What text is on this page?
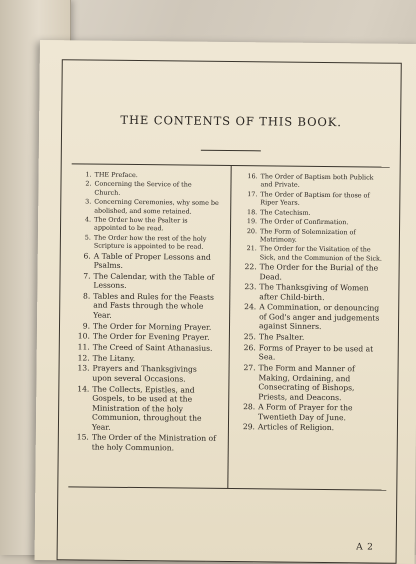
THE CONTENTS OF THIS BOOK.
1. THE Preface.
2. Concerning the Service of the Church.
3. Concerning Ceremonies, why some be abolished, and some retained.
4. The Order how the Psalter is appointed to be read.
5. The Order how the rest of the holy Scripture is appointed to be read.
6. A Table of Proper Lessons and Psalms.
7. The Calendar, with the Table of Lessons.
8. Tables and Rules for the Feasts and Fasts through the whole Year.
9. The Order for Morning Prayer.
10. The Order for Evening Prayer.
11. The Creed of Saint Athanasius.
12. The Litany.
13. Prayers and Thanksgivings upon several Occasions.
14. The Collects, Epistles, and Gospels, to be used at the Ministration of the holy Communion, throughout the Year.
15. The Order of the Ministration of the holy Communion.
16. The Order of Baptism both Publick and Private.
17. The Order of Baptism for those of Riper Years.
18. The Catechism.
19. The Order of Confirmation.
20. The Form of Solemnization of Matrimony.
21. The Order for the Visitation of the Sick, and the Communion of the Sick.
22. The Order for the Burial of the Dead.
23. The Thanksgiving of Women after Child-birth.
24. A Commination, or denouncing of God's anger and judgements against Sinners.
25. The Psalter.
26. Forms of Prayer to be used at Sea.
27. The Form and Manner of Making, Ordaining, and Consecrating of Bishops, Priests, and Deacons.
28. A Form of Prayer for the Twentieth Day of June.
29. Articles of Religion.
A 2
